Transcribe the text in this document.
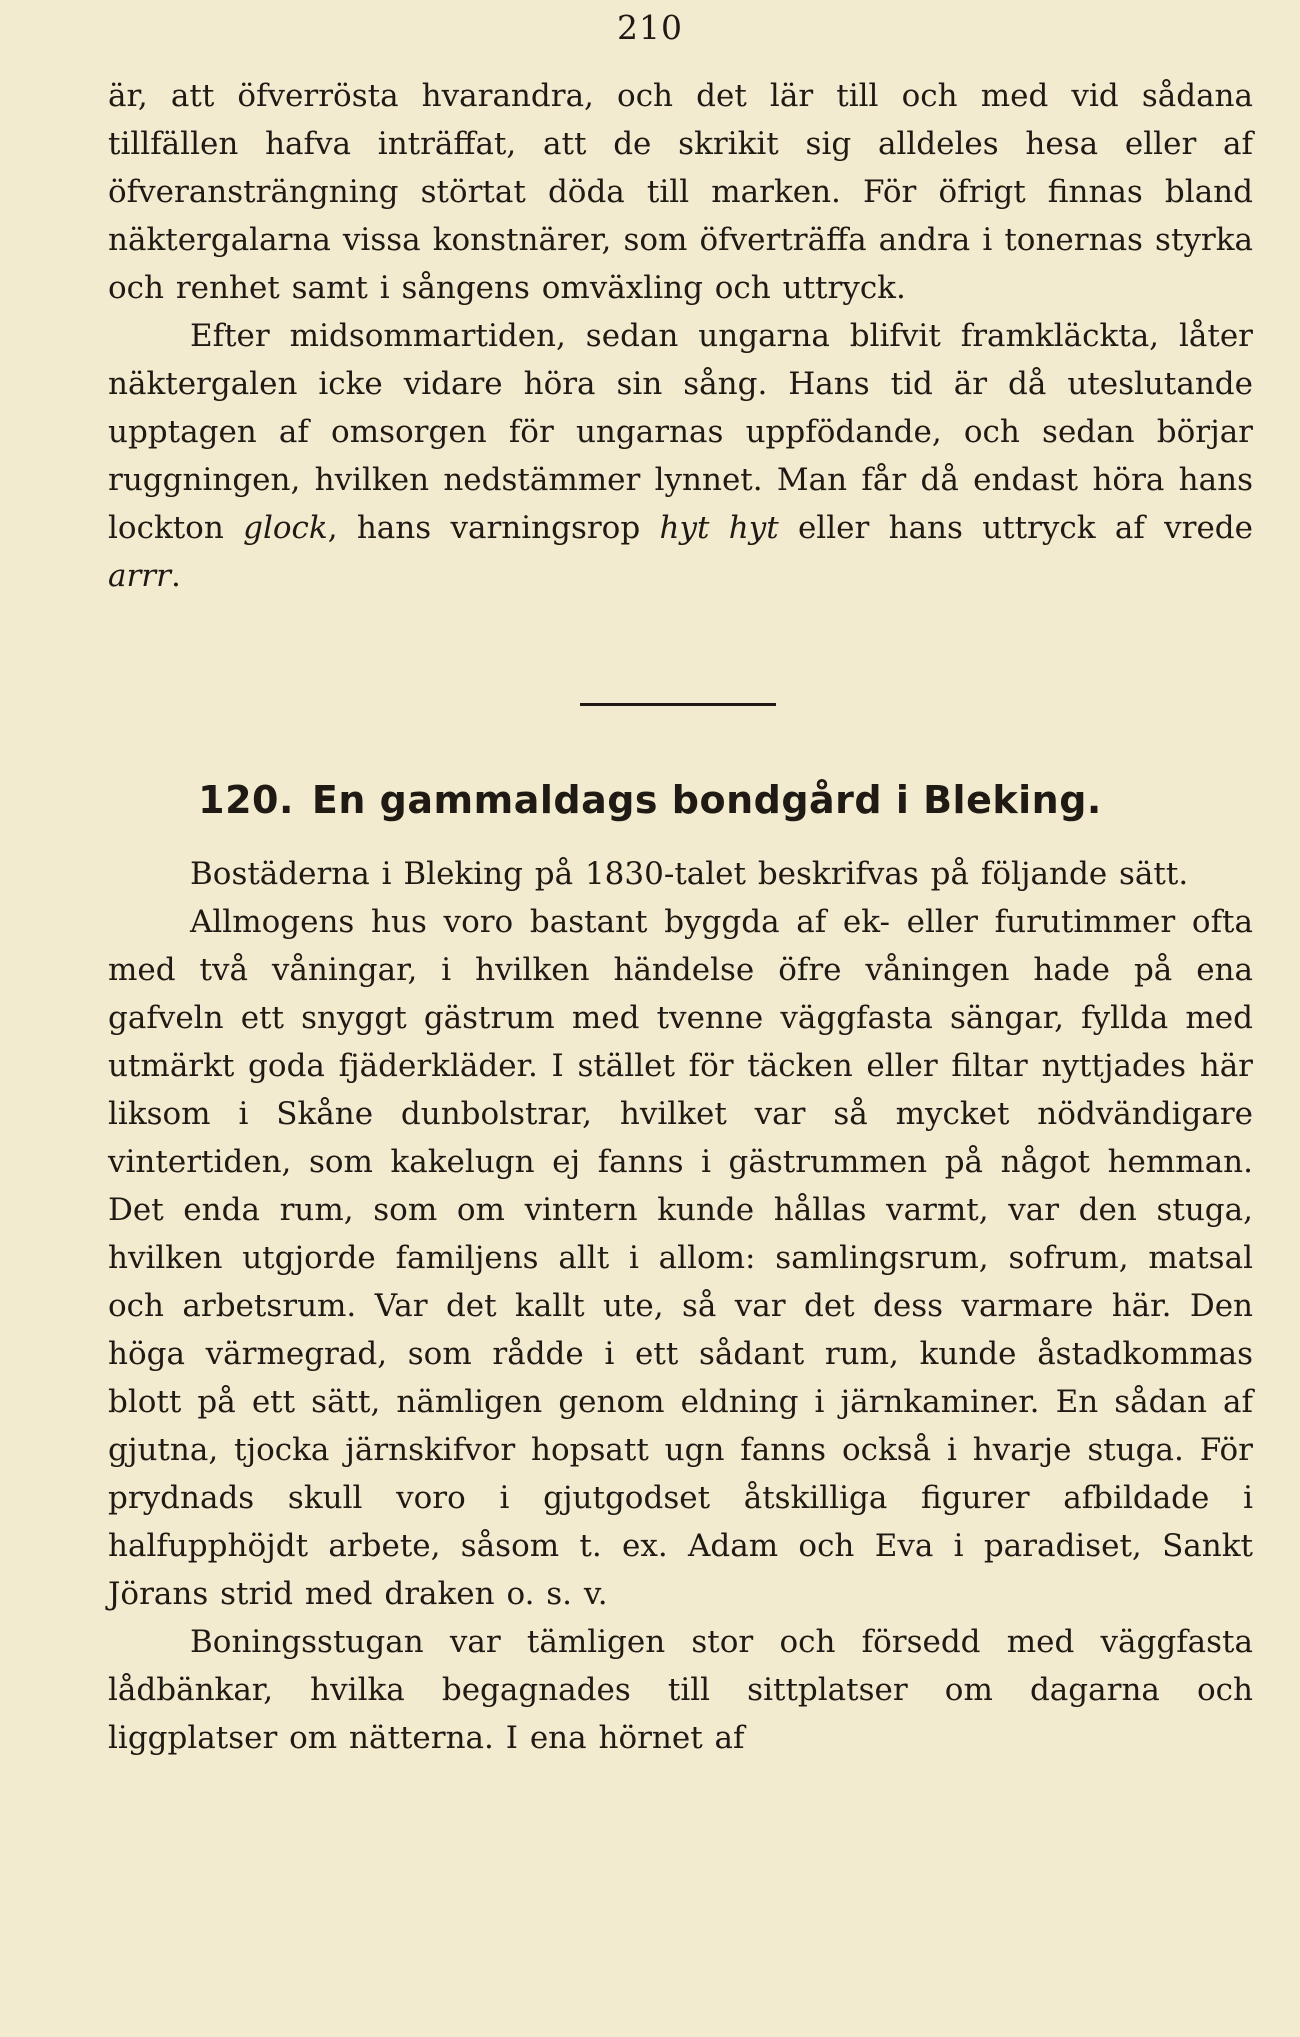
210

är, att öfverrösta hvarandra, och det lär till och med vid sådana tillfällen hafva inträffat, att de skrikit sig alldeles hesa eller af öfveransträngning störtat döda till marken. För öfrigt finnas bland näktergalarna vissa konstnärer, som öfverträffa andra i tonernas styrka och renhet samt i sångens omväxling och uttryck.

Efter midsommartiden, sedan ungarna blifvit framkläckta, låter näktergalen icke vidare höra sin sång. Hans tid är då uteslutande upptagen af omsorgen för ungarnas uppfödande, och sedan börjar ruggningen, hvilken nedstämmer lynnet. Man får då endast höra hans lockton glock, hans varningsrop hyt hyt eller hans uttryck af vrede arrr.

120. En gammaldags bondgård i Bleking.

Bostäderna i Bleking på 1830-talet beskrifvas på följande sätt.

Allmogens hus voro bastant byggda af ek- eller furutimmer ofta med två våningar, i hvilken händelse öfre våningen hade på ena gafveln ett snyggt gästrum med tvenne väggfasta sängar, fyllda med utmärkt goda fjäderkläder. I stället för täcken eller filtar nyttjades här liksom i Skåne dunbolstrar, hvilket var så mycket nödvändigare vintertiden, som kakelugn ej fanns i gästrummen på något hemman. Det enda rum, som om vintern kunde hållas varmt, var den stuga, hvilken utgjorde familjens allt i allom: samlingsrum, sofrum, matsal och arbetsrum. Var det kallt ute, så var det dess varmare här. Den höga värmegrad, som rådde i ett sådant rum, kunde åstadkommas blott på ett sätt, nämligen genom eldning i järnkaminer. En sådan af gjutna, tjocka järnskifvor hopsatt ugn fanns också i hvarje stuga. För prydnads skull voro i gjutgodset åtskilliga figurer afbildade i halfupphöjdt arbete, såsom t. ex. Adam och Eva i paradiset, Sankt Jörans strid med draken o. s. v.

Boningsstugan var tämligen stor och försedd med väggfasta lådbänkar, hvilka begagnades till sittplatser om dagarna och liggplatser om nätterna. I ena hörnet af
